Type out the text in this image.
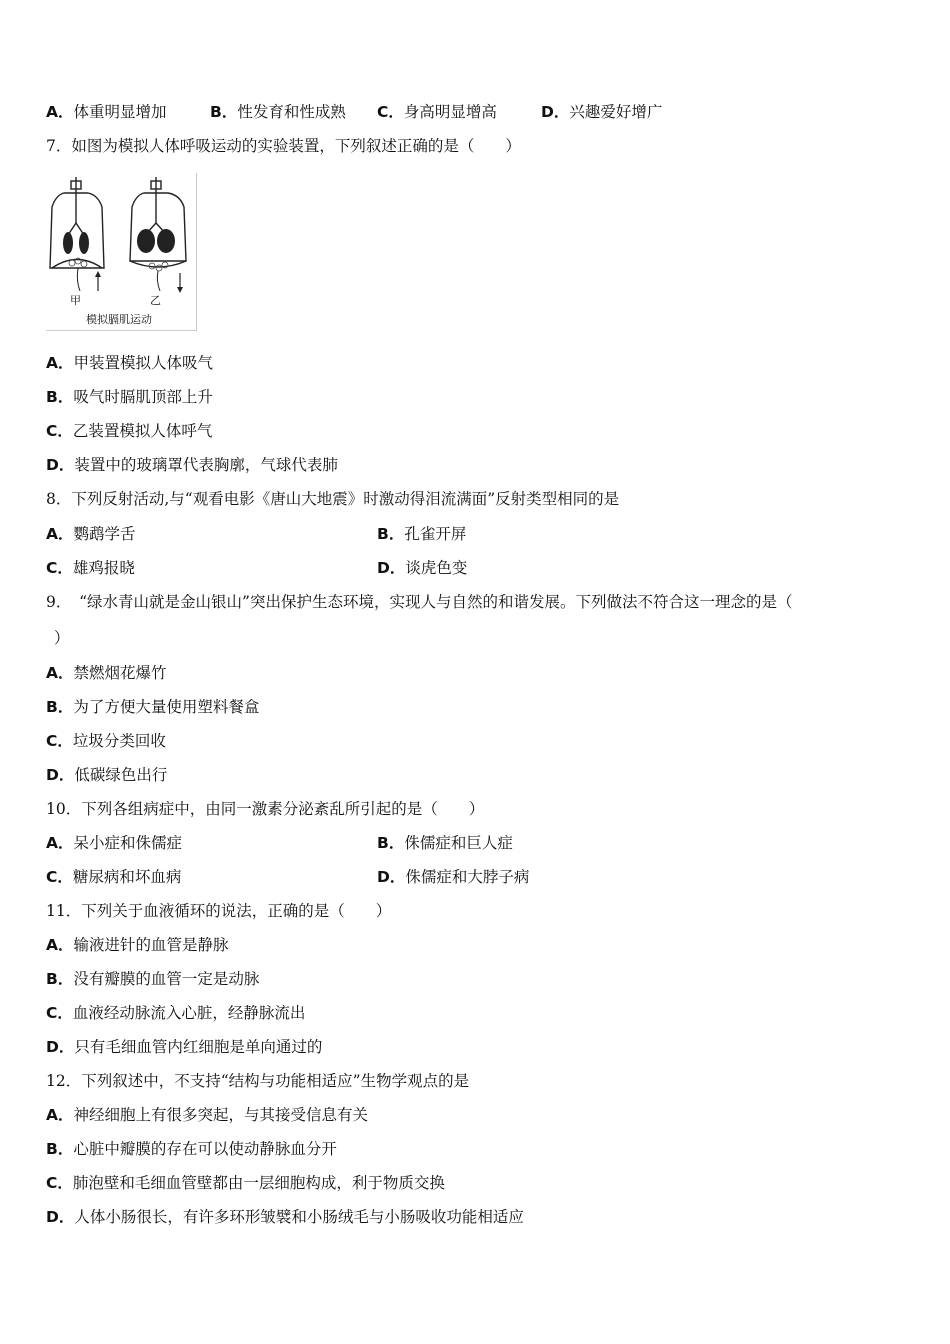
A．体重明显增加	B．性发育和性成熟 C．身高明显增高	D．兴趣爱好增广
7．如图为模拟人体呼吸运动的实验装置，下列叙述正确的是（　　）
甲	乙
模拟膈肌运动
A．甲装置模拟人体吸气
B．吸气时膈肌顶部上升
C．乙装置模拟人体呼气
D．装置中的玻璃罩代表胸廓，气球代表肺
8．下列反射活动,与“观看电影《唐山大地震》时激动得泪流满面”反射类型相同的是
A．鹦鹉学舌	B．孔雀开屏
C．雄鸡报晓	D．谈虎色变
9．　“绿水青山就是金山银山”突出保护生态环境，实现人与自然的和谐发展。下列做法不符合这一理念的是（
）
A．禁燃烟花爆竹
B．为了方便大量使用塑料餐盒
C．垃圾分类回收
D．低碳绿色出行
10．下列各组病症中，由同一激素分泌紊乱所引起的是（　　）
A．呆小症和侏儒症	B．侏儒症和巨人症
C．糖尿病和坏血病	D．侏儒症和大脖子病
11．下列关于血液循环的说法，正确的是（　　）
A．输液进针的血管是静脉
B．没有瓣膜的血管一定是动脉
C．血液经动脉流入心脏，经静脉流出
D．只有毛细血管内红细胞是单向通过的
12．下列叙述中，不支持“结构与功能相适应”生物学观点的是
A．神经细胞上有很多突起，与其接受信息有关
B．心脏中瓣膜的存在可以使动静脉血分开
C．肺泡壁和毛细血管壁都由一层细胞构成，利于物质交换
D．人体小肠很长，有许多环形皱襞和小肠绒毛与小肠吸收功能相适应
